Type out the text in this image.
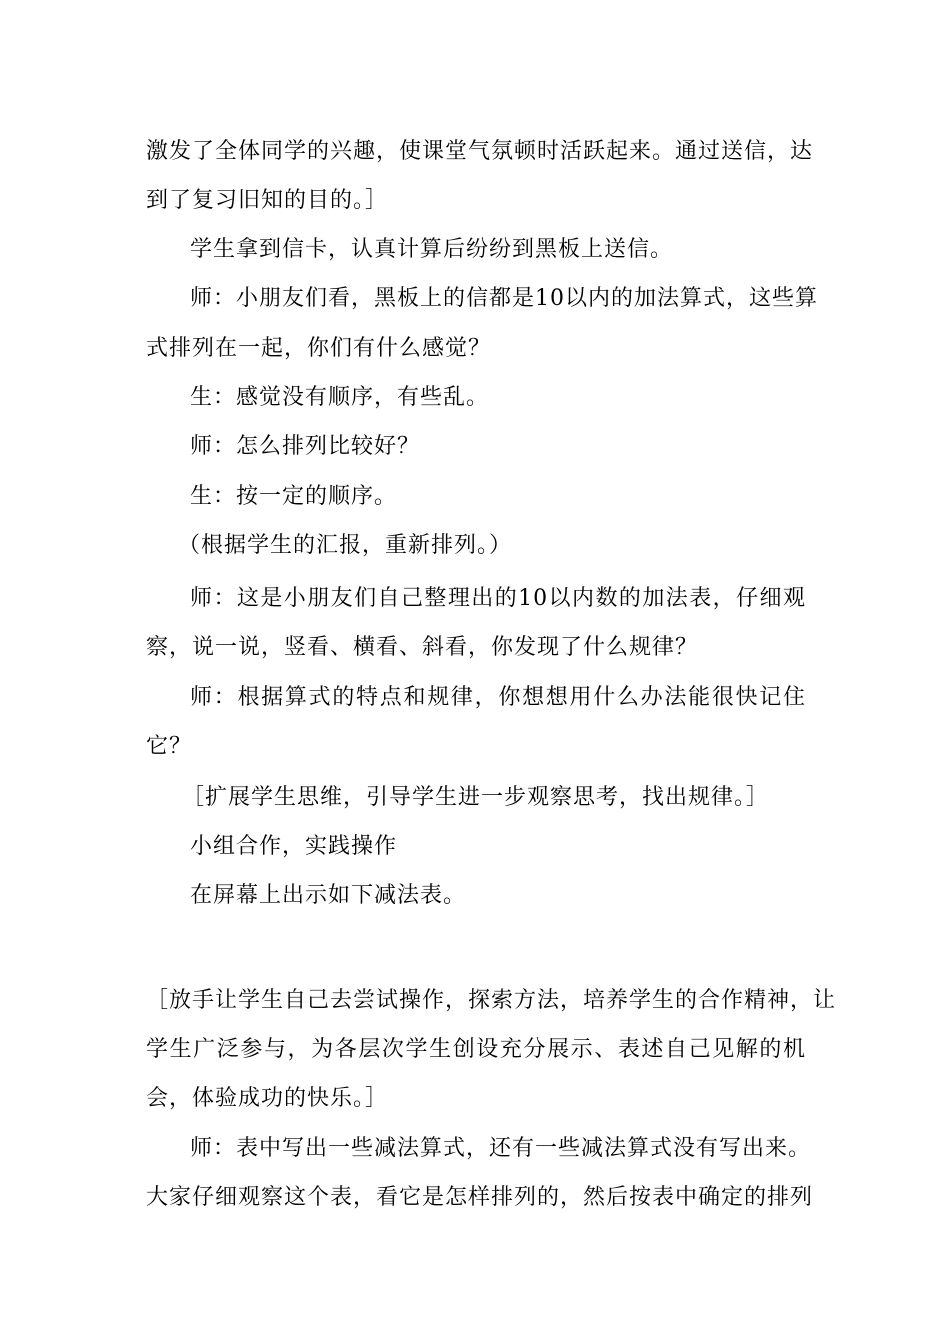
激发了全体同学的兴趣，使课堂气氛顿时活跃起来。通过送信，达
到了复习旧知的目的。］
学生拿到信卡，认真计算后纷纷到黑板上送信。
师：小朋友们看，黑板上的信都是10以内的加法算式，这些算
式排列在一起，你们有什么感觉？
生：感觉没有顺序，有些乱。
师：怎么排列比较好？
生：按一定的顺序。
（根据学生的汇报，重新排列。）
师：这是小朋友们自己整理出的10以内数的加法表，仔细观
察，说一说，竖看、横看、斜看，你发现了什么规律？
师：根据算式的特点和规律，你想想用什么办法能很快记住
它？
［扩展学生思维，引导学生进一步观察思考，找出规律。］
小组合作，实践操作
在屏幕上出示如下减法表。
［放手让学生自己去尝试操作，探索方法，培养学生的合作精神，让
学生广泛参与，为各层次学生创设充分展示、表述自己见解的机
会，体验成功的快乐。］
师：表中写出一些减法算式，还有一些减法算式没有写出来。
大家仔细观察这个表，看它是怎样排列的，然后按表中确定的排列
